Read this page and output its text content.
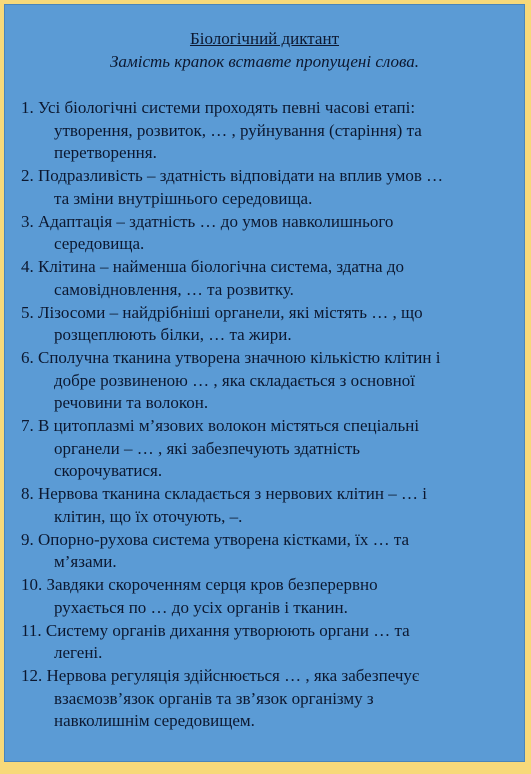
Біологічний диктант
Замість крапок вставте пропущені слова.
1. Усі біологічні системи проходять певні часові етапі:
утворення, розвиток, … , руйнування (старіння) та
перетворення.
2. Подразливість – здатність відповідати на вплив умов …
та зміни внутрішнього середовища.
3. Адаптація – здатність … до умов навколишнього
середовища.
4. Клітина – найменша біологічна система, здатна до
самовідновлення, … та розвитку.
5. Лізосоми – найдрібніші органели, які містять … , що
розщеплюють білки, … та жири.
6. Сполучна тканина утворена значною кількістю клітин і
добре розвиненою … , яка складається з основної
речовини та волокон.
7. В цитоплазмі м’язових волокон містяться спеціальні
органели – … , які забезпечують здатність
скорочуватися.
8. Нервова тканина складається з нервових клітин – … і
клітин, що їх оточують, –.
9. Опорно-рухова система утворена кістками, їх … та
м’язами.
10. Завдяки скороченням серця кров безперервно
рухається по … до усіх органів і тканин.
11. Систему органів дихання утворюють органи … та
легені.
12. Нервова регуляція здійснюється … , яка забезпечує
взаємозв’язок органів та зв’язок організму з
навколишнім середовищем.
